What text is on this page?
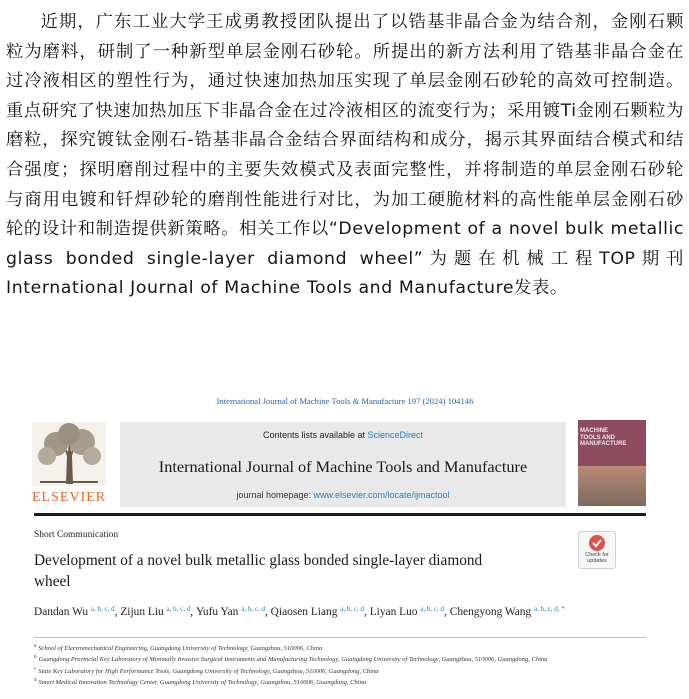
近期，广东工业大学王成勇教授团队提出了以锆基非晶合金为结合剂，金刚石颗粒为磨料，研制了一种新型单层金刚石砂轮。所提出的新方法利用了锆基非晶合金在过冷液相区的塑性行为，通过快速加热加压实现了单层金刚石砂轮的高效可控制造。重点研究了快速加热加压下非晶合金在过冷液相区的流变行为；采用镀Ti金刚石颗粒为磨粒，探究镀钛金刚石-锆基非晶合金结合界面结构和成分，揭示其界面结合模式和结合强度；探明磨削过程中的主要失效模式及表面完整性，并将制造的单层金刚石砂轮与商用电镀和钎焊砂轮的磨削性能进行对比，为加工硬脆材料的高性能单层金刚石砂轮的设计和制造提供新策略。相关工作以“Development of a novel bulk metallic glass bonded single-layer diamond wheel”为题在机械工程TOP期刊International Journal of Machine Tools and Manufacture发表。

International Journal of Machine Tools & Manufacture 197 (2024) 104146
ELSEVIER
Contents lists available at ScienceDirect
International Journal of Machine Tools and Manufacture
journal homepage: www.elsevier.com/locate/ijmactool
MACHINE
TOOLS AND
MANUFACTURE
Short Communication
Development of a novel bulk metallic glass bonded single-layer diamond wheel
Check for updates
Dandan Wu $^{a, b, c, d}$, Zijun Liu $^{a, b, c, d}$, Yufu Yan $^{a, b, c, d}$, Qiaosen Liang $^{a, b, c, d}$, Liyan Luo $^{a, b, c, d}$, Chengyong Wang $^{a, b, c, d, *}$
$^a$ School of Electromechanical Engineering, Guangdong University of Technology, Guangzhou, 510006, China
$^b$ Guangdong Provincial Key Laboratory of Minimally Invasive Surgical Instruments and Manufacturing Technology, Guangdong University of Technology, Guangzhou, 510006, Guangdong, China
$^c$ State Key Laboratory for High Performance Tools, Guangdong University of Technology, Guangzhou, 510006, Guangdong, China
$^d$ Smart Medical Innovation Technology Center, Guangdong University of Technology, Guangzhou, 510006, Guangdong, China
